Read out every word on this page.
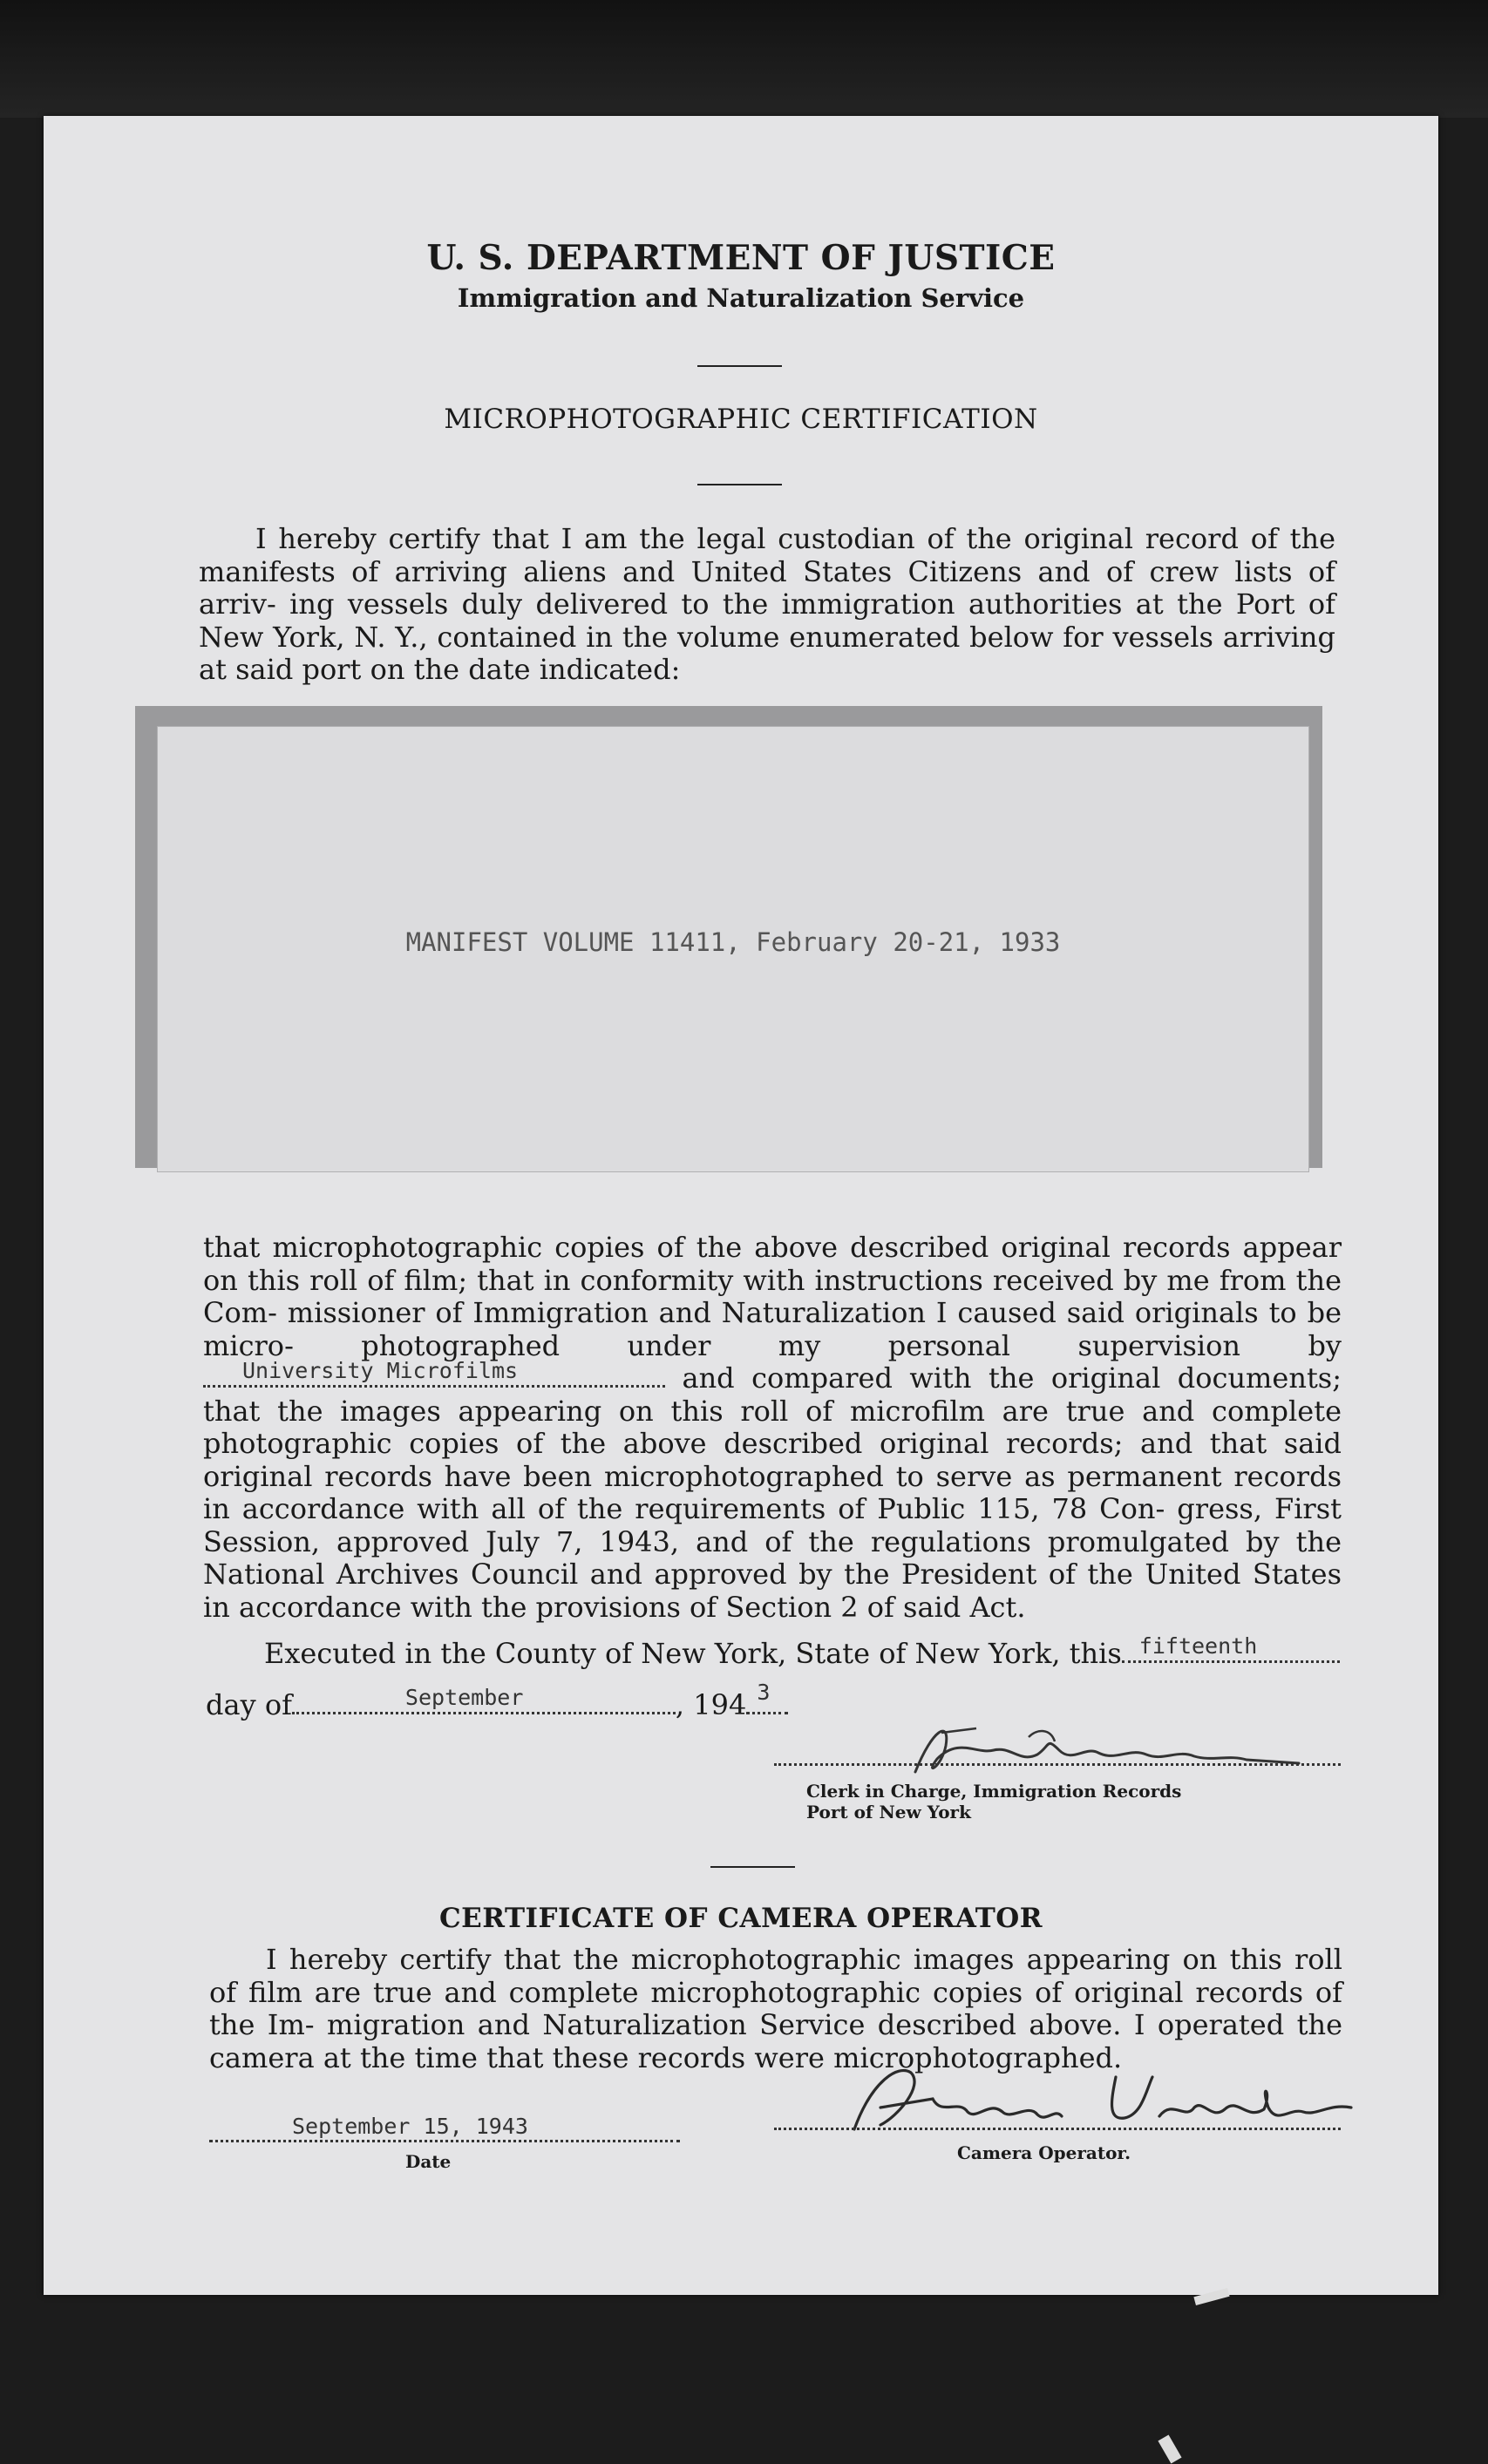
U. S. DEPARTMENT OF JUSTICE
Immigration and Naturalization Service
MICROPHOTOGRAPHIC CERTIFICATION
I hereby certify that I am the legal custodian of the original record of the manifests of arriving aliens and United States Citizens and of crew lists of arriv- ing vessels duly delivered to the immigration authorities at the Port of New York, N. Y., contained in the volume enumerated below for vessels arriving at said port on the date indicated:
MANIFEST VOLUME 11411, February 20-21, 1933
that microphotographic copies of the above described original records appear on this roll of film; that in conformity with instructions received by me from the Com- missioner of Immigration and Naturalization I caused said originals to be micro- photographed under my personal supervision by
University Microfilms	and compared with the original documents; that the images appearing on this roll of microfilm are true and complete photographic copies of the above described original records; and that said original records have been microphotographed to serve as permanent records in accordance with all of the requirements of Public 115, 78 Con- gress, First Session, approved July 7, 1943, and of the regulations promulgated by the National Archives Council and approved by the President of the United States in accordance with the provisions of Section 2 of said Act.
Executed in the County of New York, State of New York, this fifteenth
day of	September	, 194 3
Clerk in Charge, Immigration Records
Port of New York
CERTIFICATE OF CAMERA OPERATOR
I hereby certify that the microphotographic images appearing on this roll of film are true and complete microphotographic copies of original records of the Im- migration and Naturalization Service described above. I operated the camera at the time that these records were microphotographed.
September 15, 1943
Date	Camera Operator.
